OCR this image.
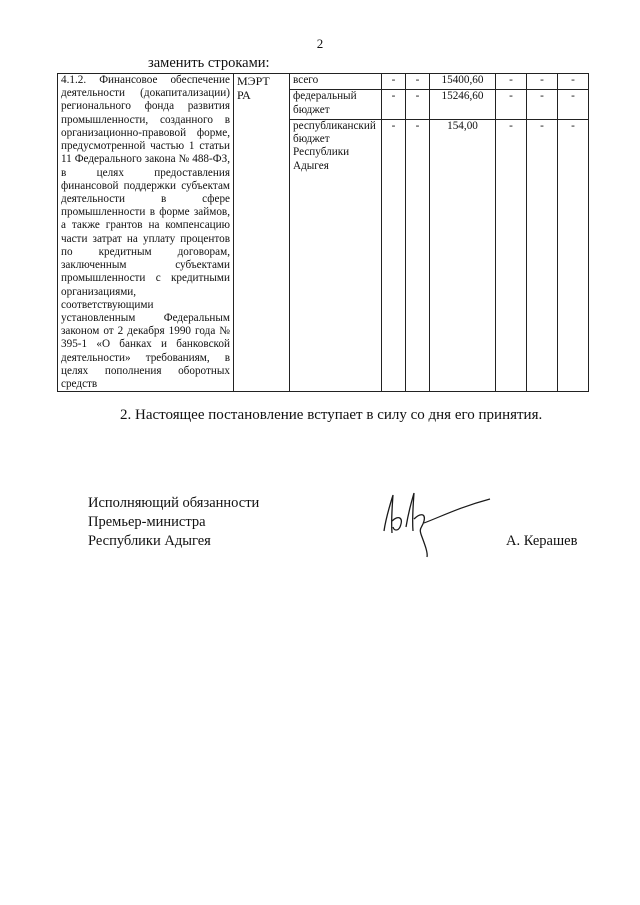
2
заменить строками:
4.1.2. Финансовое обеспечение деятельности (докапитализации) регионального фонда развития промышленности, созданного в организационно-правовой форме, предусмотренной частью 1 статьи 11 Федерального закона № 488-ФЗ, в целях предоставления финансовой поддержки субъектам деятельности в сфере промышленности в форме займов, а также грантов на компенсацию части затрат на уплату процентов по кредитным договорам, заключенным субъектами промышленности с кредитными организациями, соответствующими установленным Федеральным законом от 2 декабря 1990 года № 395-1 «О банках и банковской деятельности» требованиям, в целях пополнения оборотных средств	МЭРТ РА	всего	-	-	15400,60	-	-	-
		федеральный бюджет	-	-	15246,60	-	-	-
		республиканский бюджет Республики Адыгея	-	-	154,00	-	-	-
2. Настоящее постановление вступает в силу со дня его принятия.
Исполняющий обязанности
Премьер-министра
Республики Адыгея	А. Керашев
